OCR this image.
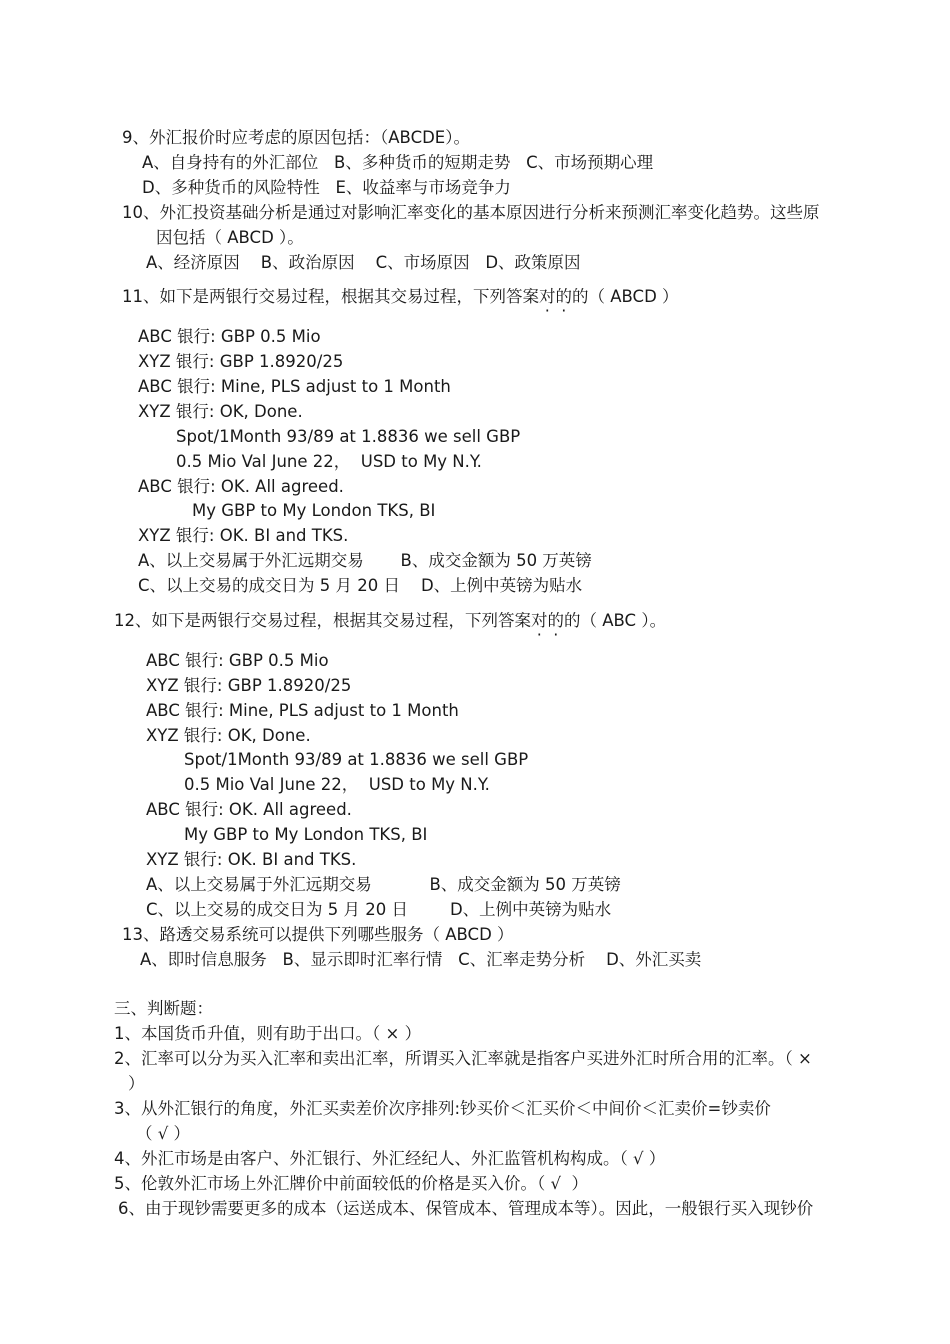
9、外汇报价时应考虑的原因包括：（ABCDE）。
A、自身持有的外汇部位   B、多种货币的短期走势   C、市场预期心理
D、多种货币的风险特性   E、收益率与市场竞争力
10、外汇投资基础分析是通过对影响汇率变化的基本原因进行分析来预测汇率变化趋势。这些原
因包括（ ABCD ）。
A、经济原因    B、政治原因    C、市场原因   D、政策原因
11、如下是两银行交易过程，根据其交易过程，下列答案对的的（ ABCD ）
ABC 银行: GBP 0.5 Mio
XYZ 银行: GBP 1.8920/25
ABC 银行: Mine, PLS adjust to 1 Month
XYZ 银行: OK, Done.
Spot/1Month 93/89 at 1.8836 we sell GBP
0.5 Mio Val June 22，  USD to My N.Y.
ABC 银行: OK. All agreed.
My GBP to My London TKS, BI
XYZ 银行: OK. BI and TKS.
A、以上交易属于外汇远期交易       B、成交金额为 50 万英镑
C、以上交易的成交日为 5 月 20 日    D、上例中英镑为贴水
12、如下是两银行交易过程，根据其交易过程，下列答案对的的（ ABC ）。
ABC 银行: GBP 0.5 Mio
XYZ 银行: GBP 1.8920/25
ABC 银行: Mine, PLS adjust to 1 Month
XYZ 银行: OK, Done.
Spot/1Month 93/89 at 1.8836 we sell GBP
0.5 Mio Val June 22，  USD to My N.Y.
ABC 银行: OK. All agreed.
My GBP to My London TKS, BI
XYZ 银行: OK. BI and TKS.
A、以上交易属于外汇远期交易           B、成交金额为 50 万英镑
C、以上交易的成交日为 5 月 20 日        D、上例中英镑为贴水
13、路透交易系统可以提供下列哪些服务（ ABCD ）
A、即时信息服务   B、显示即时汇率行情   C、汇率走势分析    D、外汇买卖
三、判断题：
1、本国货币升值，则有助于出口。（ × ）
2、汇率可以分为买入汇率和卖出汇率，所谓买入汇率就是指客户买进外汇时所合用的汇率。（ ×
）
3、从外汇银行的角度，外汇买卖差价次序排列:钞买价＜汇买价＜中间价＜汇卖价=钞卖价
（ √ ）
4、外汇市场是由客户、外汇银行、外汇经纪人、外汇监管机构构成。（ √ ）
5、伦敦外汇市场上外汇牌价中前面较低的价格是买入价。（ √  ）
6、由于现钞需要更多的成本（运送成本、保管成本、管理成本等）。因此，一般银行买入现钞价
